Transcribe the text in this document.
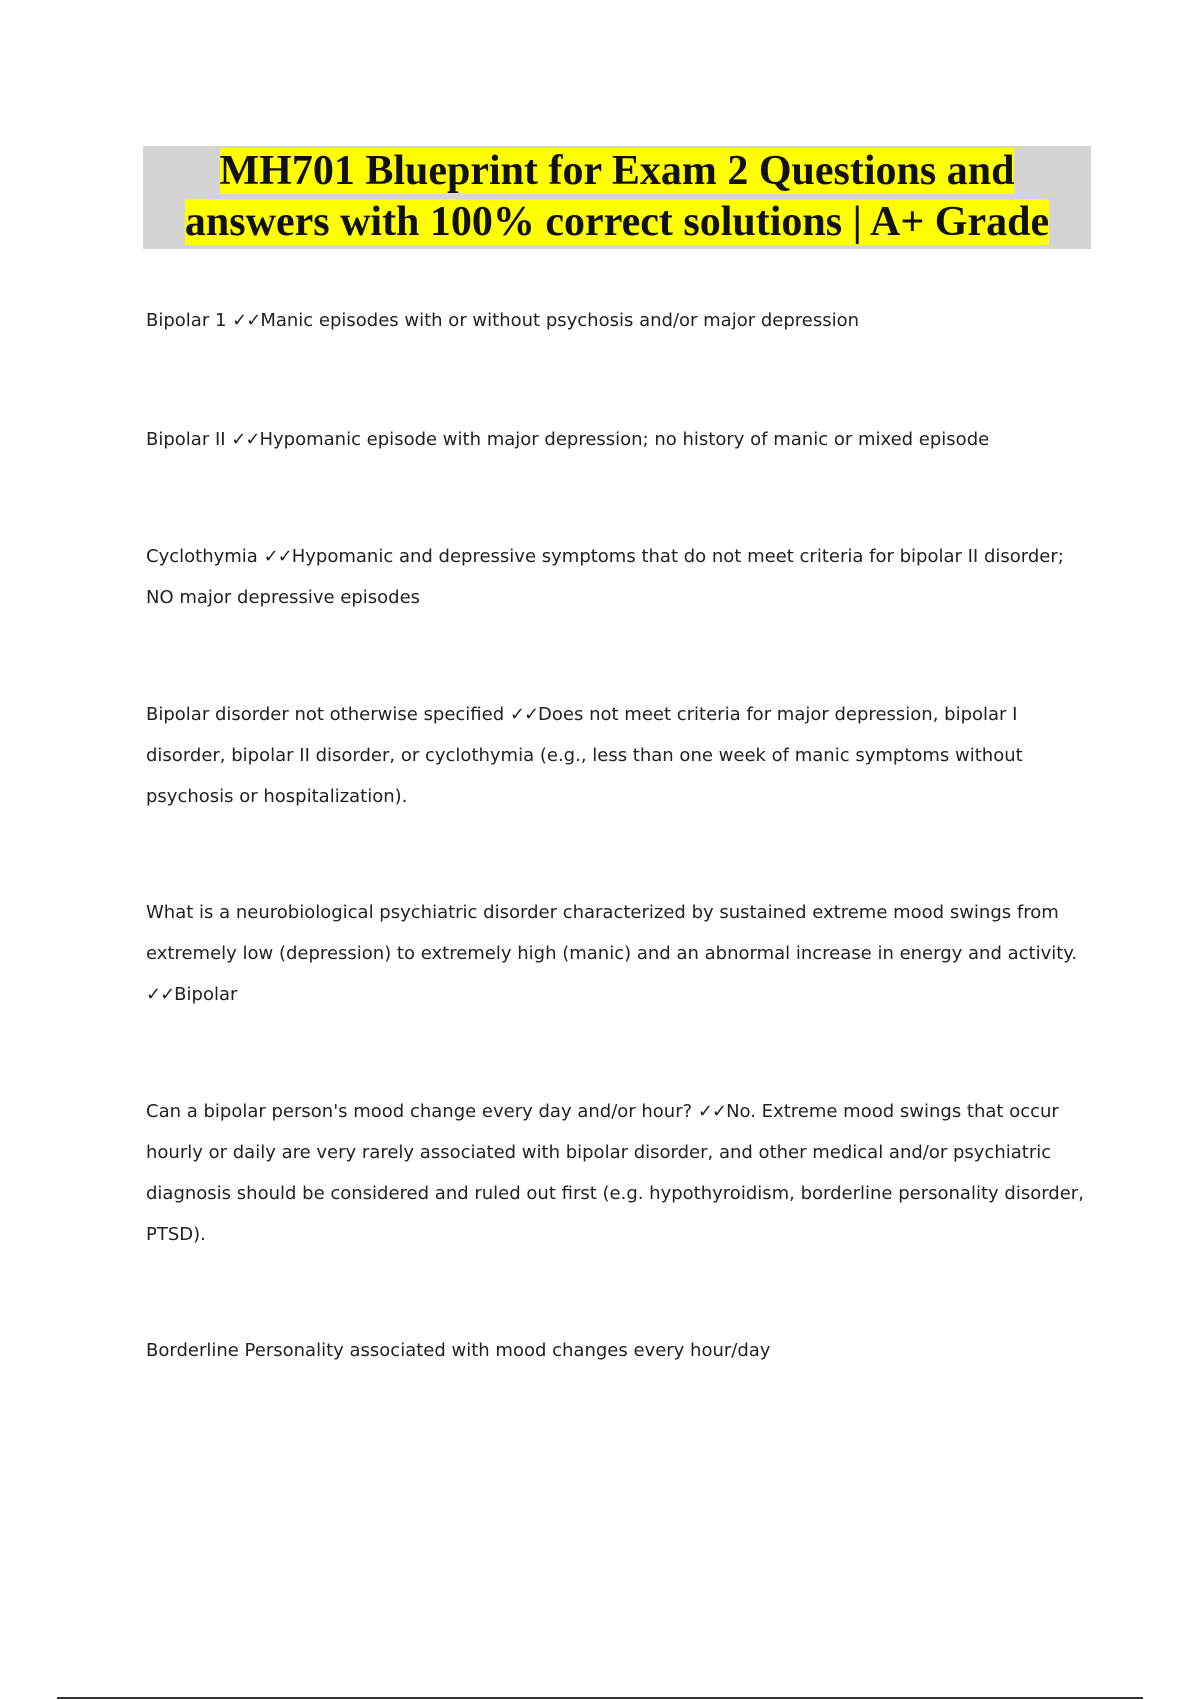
MH701 Blueprint for Exam 2 Questions and
answers with 100% correct solutions | A+ Grade

Bipolar 1 ✓✓Manic episodes with or without psychosis and/or major depression

Bipolar II ✓✓Hypomanic episode with major depression; no history of manic or mixed episode

Cyclothymia ✓✓Hypomanic and depressive symptoms that do not meet criteria for bipolar II disorder; NO major depressive episodes

Bipolar disorder not otherwise specified ✓✓Does not meet criteria for major depression, bipolar I disorder, bipolar II disorder, or cyclothymia (e.g., less than one week of manic symptoms without psychosis or hospitalization).

What is a neurobiological psychiatric disorder characterized by sustained extreme mood swings from extremely low (depression) to extremely high (manic) and an abnormal increase in energy and activity. ✓✓Bipolar

Can a bipolar person's mood change every day and/or hour? ✓✓No. Extreme mood swings that occur hourly or daily are very rarely associated with bipolar disorder, and other medical and/or psychiatric diagnosis should be considered and ruled out first (e.g. hypothyroidism, borderline personality disorder, PTSD).

Borderline Personality associated with mood changes every hour/day
